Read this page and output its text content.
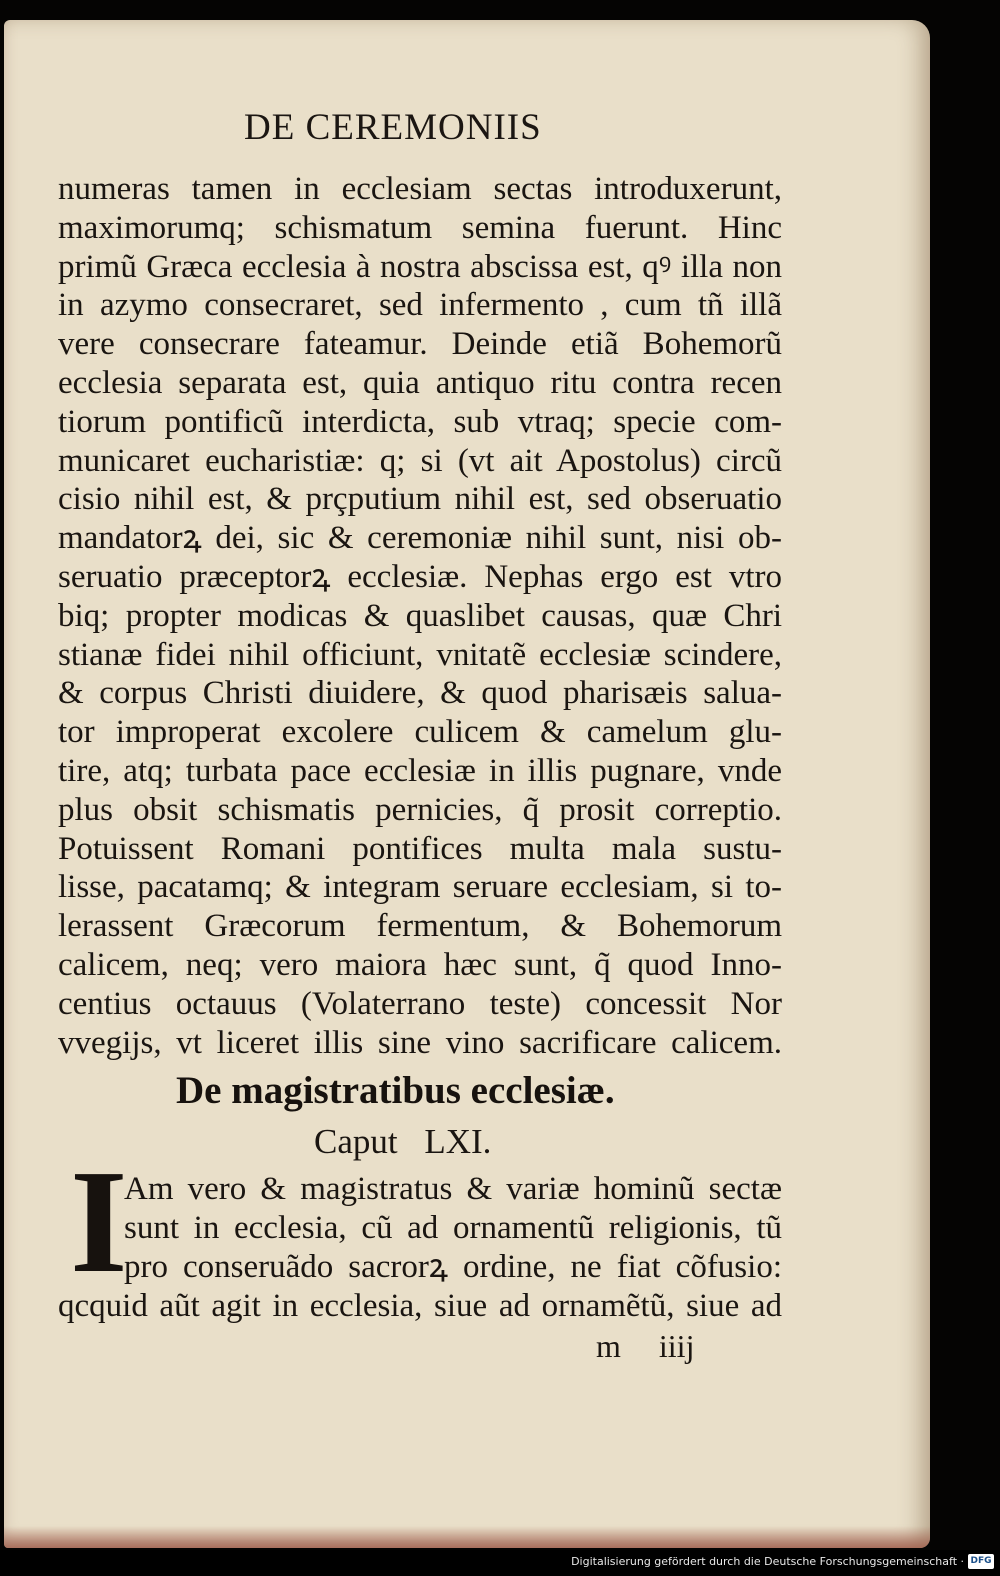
DE CEREMONIIS
numeras tamen in ecclesiam sectas introduxerunt,
maximorumq; schismatum semina fuerunt. Hinc
primũ Græca ecclesia à nostra abscissa est, qꝰ illa non
in azymo consecraret, sed infermento , cum tñ illã
vere consecrare fateamur. Deinde etiã Bohemorũ
ecclesia separata est, quia antiquo ritu contra recen
tiorum pontificũ interdicta, sub vtraq; specie com-
municaret eucharistiæ: q; si (vt ait Apostolus) circũ
cisio nihil est, & prçputium nihil est, sed obseruatio
mandatorꝝ dei, sic & ceremoniæ nihil sunt, nisi ob-
seruatio præceptorꝝ ecclesiæ. Nephas ergo est vtro
biq; propter modicas & quaslibet causas, quæ Chri
stianæ fidei nihil officiunt, vnitatẽ ecclesiæ scindere,
& corpus Christi diuidere, & quod pharisæis salua-
tor improperat excolere culicem & camelum glu-
tire, atq; turbata pace ecclesiæ in illis pugnare, vnde
plus obsit schismatis pernicies, q̃ prosit correptio.
Potuissent Romani pontifices multa mala sustu-
lisse, pacatamq; & integram seruare ecclesiam, si to-
lerassent Græcorum fermentum, & Bohemorum
calicem, neq; vero maiora hæc sunt, q̃ quod Inno-
centius octauus (Volaterrano teste) concessit Nor
vvegijs, vt liceret illis sine vino sacrificare calicem.
De magistratibus ecclesiæ.
Caput LXI.
I
Am vero & magistratus & variæ hominũ sectæ
sunt in ecclesia, cũ ad ornamentũ religionis, tũ
pro conseruãdo sacrorꝝ ordine, ne fiat cõfusio:
qcquid aũt agit in ecclesia, siue ad ornamẽtũ, siue ad
m iiij
Digitalisierung gefördert durch die Deutsche Forschungsgemeinschaft · DFG
